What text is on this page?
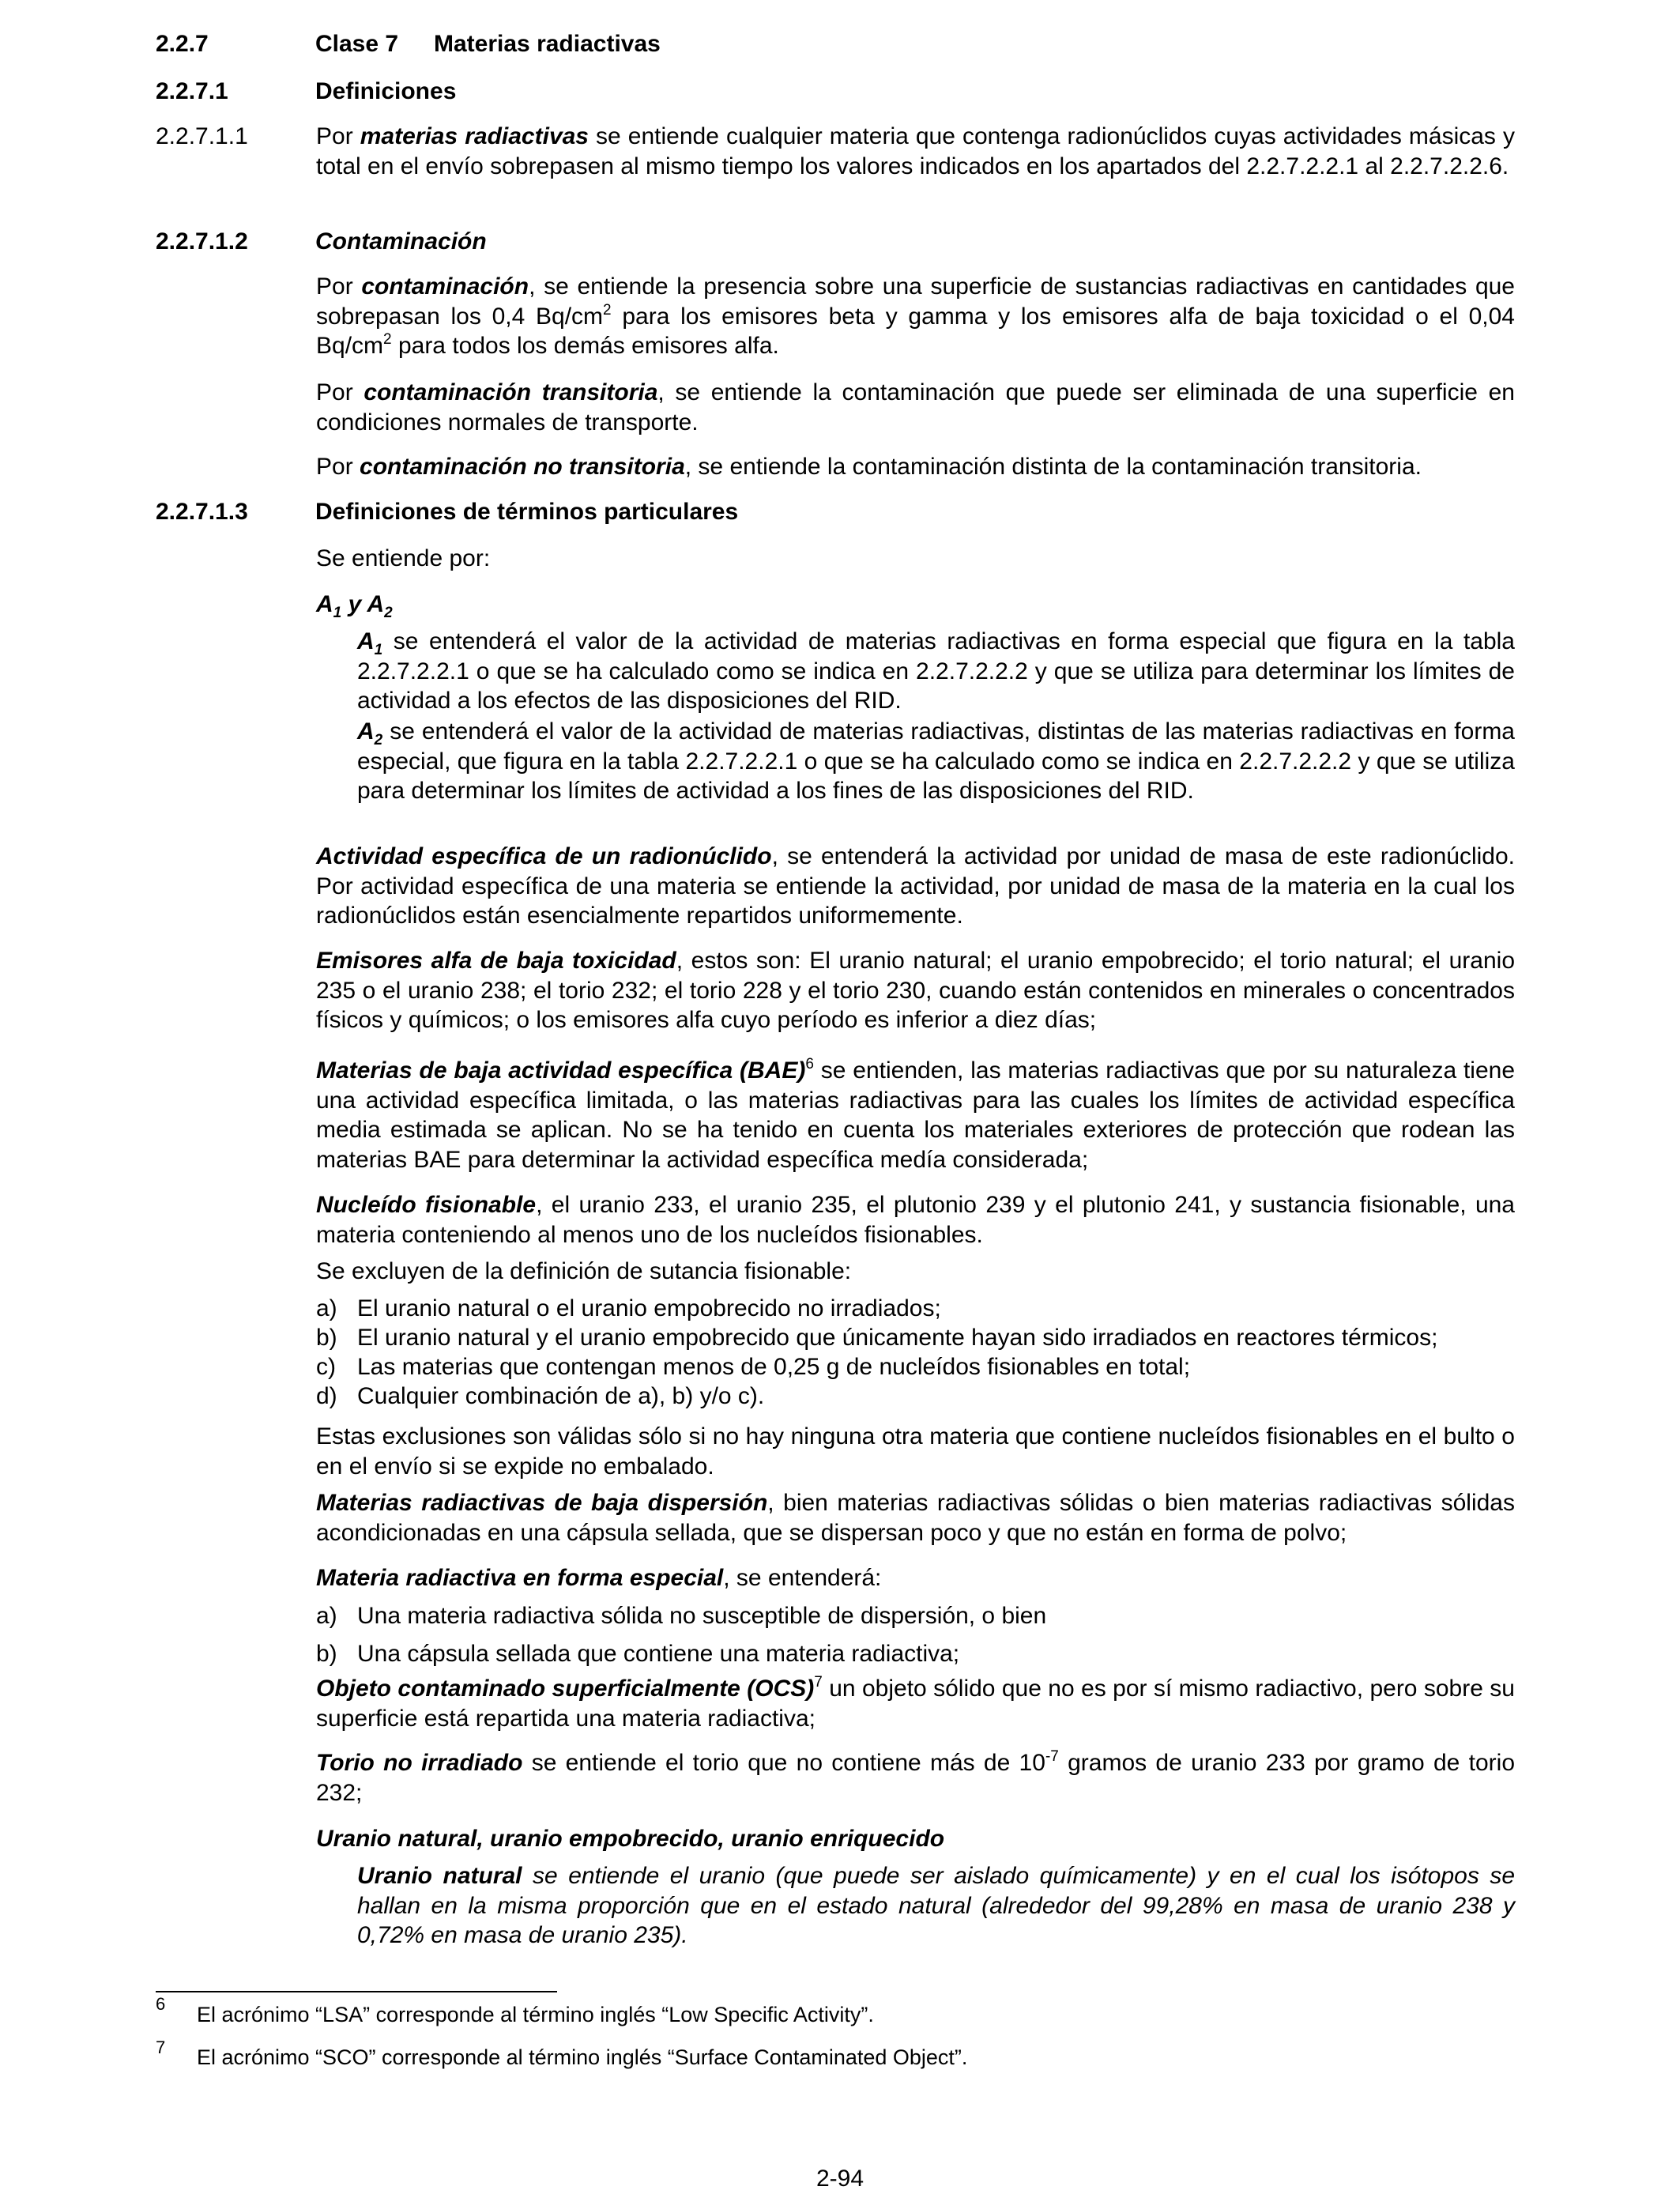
2.2.7	Clase 7	Materias radiactivas
2.2.7.1	Definiciones
2.2.7.1.1	Por materias radiactivas se entiende cualquier materia que contenga radionúclidos cuyas actividades másicas y total en el envío sobrepasen al mismo tiempo los valores indicados en los apartados del 2.2.7.2.2.1 al 2.2.7.2.2.6.
2.2.7.1.2	Contaminación
Por contaminación, se entiende la presencia sobre una superficie de sustancias radiactivas en cantidades que sobrepasan los 0,4 $Bq/cm^2$ para los emisores beta y gamma y los emisores alfa de baja toxicidad o el 0,04 $Bq/cm^2$ para todos los demás emisores alfa.
Por contaminación transitoria, se entiende la contaminación que puede ser eliminada de una superficie en condiciones normales de transporte.
Por contaminación no transitoria, se entiende la contaminación distinta de la contaminación transitoria.
2.2.7.1.3	Definiciones de términos particulares
Se entiende por:
$A_1$ y $A_2$
$A_1$ se entenderá el valor de la actividad de materias radiactivas en forma especial que figura en la tabla 2.2.7.2.2.1 o que se ha calculado como se indica en 2.2.7.2.2.2 y que se utiliza para determinar los límites de actividad a los efectos de las disposiciones del RID.
$A_2$ se entenderá el valor de la actividad de materias radiactivas, distintas de las materias radiactivas en forma especial, que figura en la tabla 2.2.7.2.2.1 o que se ha calculado como se indica en 2.2.7.2.2.2 y que se utiliza para determinar los límites de actividad a los fines de las disposiciones del RID.
Actividad específica de un radionúclido, se entenderá la actividad por unidad de masa de este radionúclido. Por actividad específica de una materia se entiende la actividad, por unidad de masa de la materia en la cual los radionúclidos están esencialmente repartidos uniformemente.
Emisores alfa de baja toxicidad, estos son: El uranio natural; el uranio empobrecido; el torio natural; el uranio 235 o el uranio 238; el torio 232; el torio 228 y el torio 230, cuando están contenidos en minerales o concentrados físicos y químicos; o los emisores alfa cuyo período es inferior a diez días;
Materias de baja actividad específica (BAE)$^6$ se entienden, las materias radiactivas que por su naturaleza tiene una actividad específica limitada, o las materias radiactivas para las cuales los límites de actividad específica media estimada se aplican. No se ha tenido en cuenta los materiales exteriores de protección que rodean las materias BAE para determinar la actividad específica medía considerada;
Nucleído fisionable, el uranio 233, el uranio 235, el plutonio 239 y el plutonio 241, y sustancia fisionable, una materia conteniendo al menos uno de los nucleídos fisionables.
Se excluyen de la definición de sutancia fisionable:
a) El uranio natural o el uranio empobrecido no irradiados;
b) El uranio natural y el uranio empobrecido que únicamente hayan sido irradiados en reactores térmicos;
c) Las materias que contengan menos de 0,25 g de nucleídos fisionables en total;
d) Cualquier combinación de a), b) y/o c).
Estas exclusiones son válidas sólo si no hay ninguna otra materia que contiene nucleídos fisionables en el bulto o en el envío si se expide no embalado.
Materias radiactivas de baja dispersión, bien materias radiactivas sólidas o bien materias radiactivas sólidas acondicionadas en una cápsula sellada, que se dispersan poco y que no están en forma de polvo;
Materia radiactiva en forma especial, se entenderá:
a) Una materia radiactiva sólida no susceptible de dispersión, o bien
b) Una cápsula sellada que contiene una materia radiactiva;
Objeto contaminado superficialmente (OCS)$^7$ un objeto sólido que no es por sí mismo radiactivo, pero sobre su superficie está repartida una materia radiactiva;
Torio no irradiado se entiende el torio que no contiene más de $10^{-7}$ gramos de uranio 233 por gramo de torio 232;
Uranio natural, uranio empobrecido, uranio enriquecido
Uranio natural se entiende el uranio (que puede ser aislado químicamente) y en el cual los isótopos se hallan en la misma proporción que en el estado natural (alrededor del 99,28% en masa de uranio 238 y 0,72% en masa de uranio 235).
6 El acrónimo “LSA” corresponde al término inglés “Low Specific Activity”.
7 El acrónimo “SCO” corresponde al término inglés “Surface Contaminated Object”.
2-94
